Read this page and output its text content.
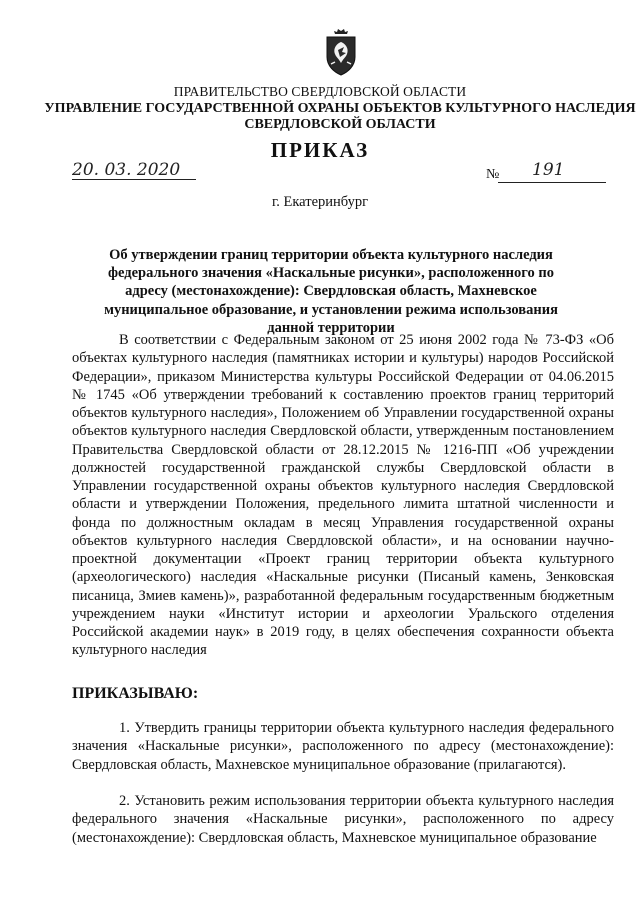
ПРАВИТЕЛЬСТВО СВЕРДЛОВСКОЙ ОБЛАСТИ
УПРАВЛЕНИЕ ГОСУДАРСТВЕННОЙ ОХРАНЫ ОБЪЕКТОВ КУЛЬТУРНОГО НАСЛЕДИЯ СВЕРДЛОВСКОЙ ОБЛАСТИ
ПРИКАЗ
20. 03. 2020	№ 191
г. Екатеринбург
Об утверждении границ территории объекта культурного наследия федерального значения «Наскальные рисунки», расположенного по адресу (местонахождение): Свердловская область, Махневское муниципальное образование, и установлении режима использования данной территории

В соответствии с Федеральным законом от 25 июня 2002 года № 73-ФЗ «Об объектах культурного наследия (памятниках истории и культуры) народов Российской Федерации», приказом Министерства культуры Российской Федерации от 04.06.2015 № 1745 «Об утверждении требований к составлению проектов границ территорий объектов культурного наследия», Положением об Управлении государственной охраны объектов культурного наследия Свердловской области, утвержденным постановлением Правительства Свердловской области от 28.12.2015 № 1216-ПП «Об учреждении должностей государственной гражданской службы Свердловской области в Управлении государственной охраны объектов культурного наследия Свердловской области и утверждении Положения, предельного лимита штатной численности и фонда по должностным окладам в месяц Управления государственной охраны объектов культурного наследия Свердловской области», и на основании научно-проектной документации «Проект границ территории объекта культурного (археологического) наследия «Наскальные рисунки (Писаный камень, Зенковская писаница, Змиев камень)», разработанной федеральным государственным бюджетным учреждением науки «Институт истории и археологии Уральского отделения Российской академии наук» в 2019 году, в целях обеспечения сохранности объекта культурного наследия

ПРИКАЗЫВАЮ:

1. Утвердить границы территории объекта культурного наследия федерального значения «Наскальные рисунки», расположенного по адресу (местонахождение): Свердловская область, Махневское муниципальное образование (прилагаются).

2. Установить режим использования территории объекта культурного наследия федерального значения «Наскальные рисунки», расположенного по адресу (местонахождение): Свердловская область, Махневское муниципальное образование
